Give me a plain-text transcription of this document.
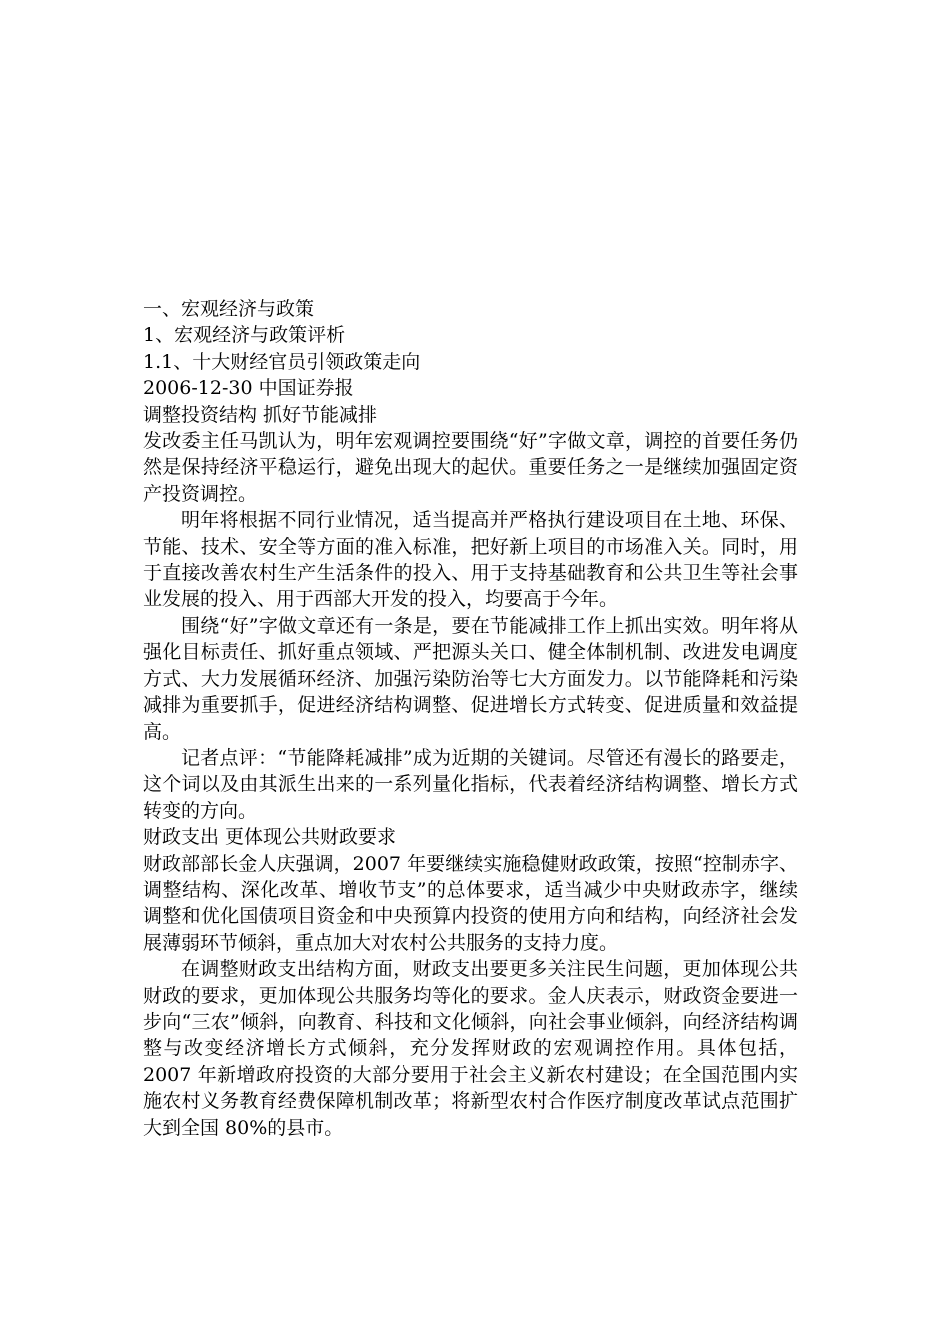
一、宏观经济与政策

1、宏观经济与政策评析

1.1、十大财经官员引领政策走向

2006-12-30 中国证券报

调整投资结构 抓好节能减排

发改委主任马凯认为，明年宏观调控要围绕“好”字做文章，调控的首要任务仍然是保持经济平稳运行，避免出现大的起伏。重要任务之一是继续加强固定资产投资调控。

明年将根据不同行业情况，适当提高并严格执行建设项目在土地、环保、节能、技术、安全等方面的准入标准，把好新上项目的市场准入关。同时，用于直接改善农村生产生活条件的投入、用于支持基础教育和公共卫生等社会事业发展的投入、用于西部大开发的投入，均要高于今年。

围绕“好”字做文章还有一条是，要在节能减排工作上抓出实效。明年将从强化目标责任、抓好重点领域、严把源头关口、健全体制机制、改进发电调度方式、大力发展循环经济、加强污染防治等七大方面发力。以节能降耗和污染减排为重要抓手，促进经济结构调整、促进增长方式转变、促进质量和效益提高。

记者点评：“节能降耗减排”成为近期的关键词。尽管还有漫长的路要走，这个词以及由其派生出来的一系列量化指标，代表着经济结构调整、增长方式转变的方向。

财政支出 更体现公共财政要求

财政部部长金人庆强调，2007 年要继续实施稳健财政政策，按照“控制赤字、调整结构、深化改革、增收节支”的总体要求，适当减少中央财政赤字，继续调整和优化国债项目资金和中央预算内投资的使用方向和结构，向经济社会发展薄弱环节倾斜，重点加大对农村公共服务的支持力度。

在调整财政支出结构方面，财政支出要更多关注民生问题，更加体现公共财政的要求，更加体现公共服务均等化的要求。金人庆表示，财政资金要进一步向“三农”倾斜，向教育、科技和文化倾斜，向社会事业倾斜，向经济结构调整与改变经济增长方式倾斜，充分发挥财政的宏观调控作用。具体包括，2007 年新增政府投资的大部分要用于社会主义新农村建设；在全国范围内实施农村义务教育经费保障机制改革；将新型农村合作医疗制度改革试点范围扩大到全国 80%的县市。
